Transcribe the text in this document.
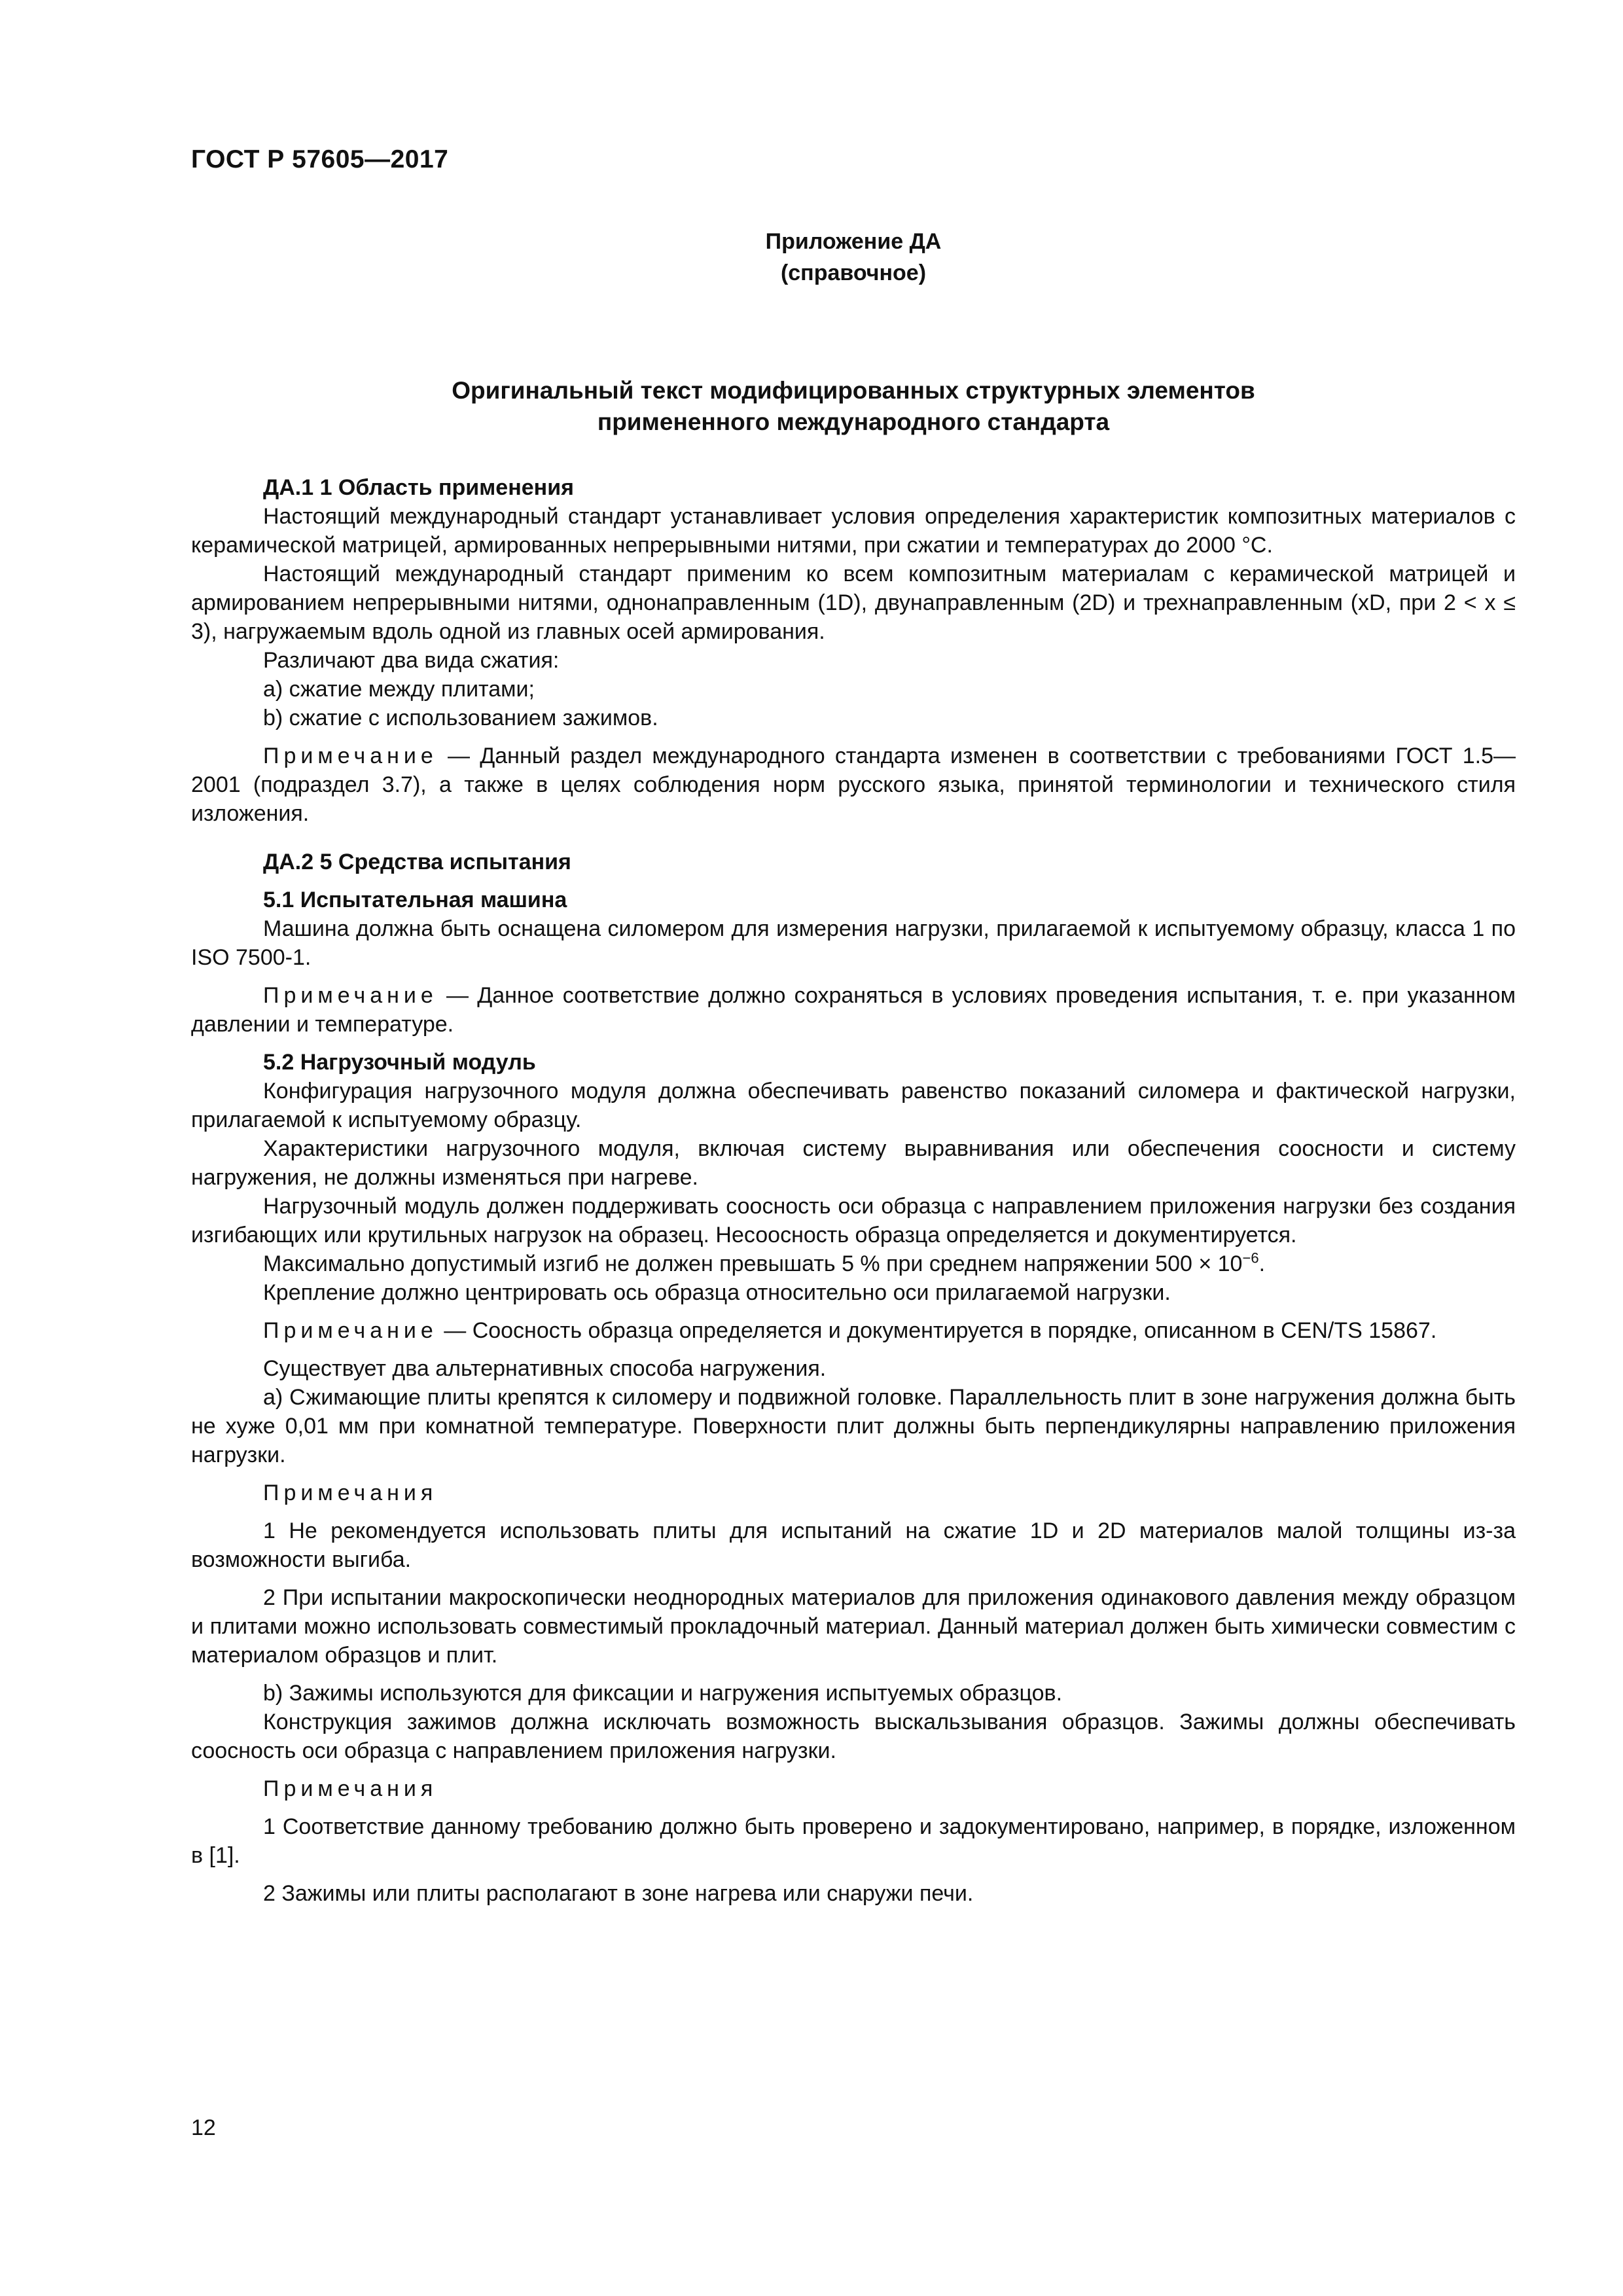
ГОСТ Р 57605—2017
Приложение ДА
(справочное)
Оригинальный текст модифицированных структурных элементов
примененного международного стандарта

ДА.1 1 Область применения

Настоящий международный стандарт устанавливает условия определения характеристик композитных материалов с керамической матрицей, армированных непрерывными нитями, при сжатии и температурах до 2000 °С.

Настоящий международный стандарт применим ко всем композитным материалам с керамической матрицей и армированием непрерывными нитями, однонаправленным (1D), двунаправленным (2D) и трехнаправленным (xD, при 2 < x ≤ 3), нагружаемым вдоль одной из главных осей армирования.

Различают два вида сжатия:

а) сжатие между плитами;

b) сжатие с использованием зажимов.

Примечание — Данный раздел международного стандарта изменен в соответствии с требованиями ГОСТ 1.5—2001 (подраздел 3.7), а также в целях соблюдения норм русского языка, принятой терминологии и технического стиля изложения.

ДА.2 5 Средства испытания

5.1 Испытательная машина

Машина должна быть оснащена силомером для измерения нагрузки, прилагаемой к испытуемому образцу, класса 1 по ISO 7500-1.

Примечание — Данное соответствие должно сохраняться в условиях проведения испытания, т. е. при указанном давлении и температуре.

5.2 Нагрузочный модуль

Конфигурация нагрузочного модуля должна обеспечивать равенство показаний силомера и фактической нагрузки, прилагаемой к испытуемому образцу.

Характеристики нагрузочного модуля, включая систему выравнивания или обеспечения соосности и систему нагружения, не должны изменяться при нагреве.

Нагрузочный модуль должен поддерживать соосность оси образца с направлением приложения нагрузки без создания изгибающих или крутильных нагрузок на образец. Несоосность образца определяется и документируется.

Максимально допустимый изгиб не должен превышать 5 % при среднем напряжении $500 \times 10^{-6}$.

Крепление должно центрировать ось образца относительно оси прилагаемой нагрузки.

Примечание — Соосность образца определяется и документируется в порядке, описанном в CEN/TS 15867.

Существует два альтернативных способа нагружения.

а) Сжимающие плиты крепятся к силомеру и подвижной головке. Параллельность плит в зоне нагружения должна быть не хуже 0,01 мм при комнатной температуре. Поверхности плит должны быть перпендикулярны направлению приложения нагрузки.

Примечания

1 Не рекомендуется использовать плиты для испытаний на сжатие 1D и 2D материалов малой толщины из-за возможности выгиба.

2 При испытании макроскопически неоднородных материалов для приложения одинакового давления между образцом и плитами можно использовать совместимый прокладочный материал. Данный материал должен быть химически совместим с материалом образцов и плит.

b) Зажимы используются для фиксации и нагружения испытуемых образцов.

Конструкция зажимов должна исключать возможность выскальзывания образцов. Зажимы должны обеспечивать соосность оси образца с направлением приложения нагрузки.

Примечания

1 Соответствие данному требованию должно быть проверено и задокументировано, например, в порядке, изложенном в [1].

2 Зажимы или плиты располагают в зоне нагрева или снаружи печи.

12
